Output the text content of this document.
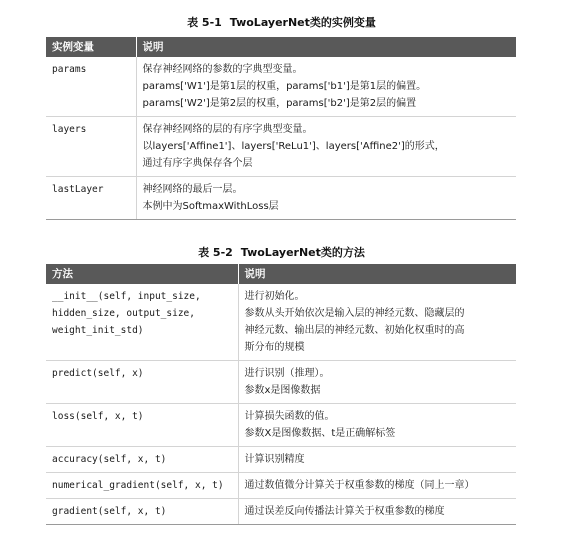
表 5-1 TwoLayerNet类的实例变量
实例变量	说明

params	保存神经网络的参数的字典型变量。
params['W1']是第1层的权重，params['b1']是第1层的偏置。
params['W2']是第2层的权重，params['b2']是第2层的偏置

layers	保存神经网络的层的有序字典型变量。
以layers['Affine1']、layers['ReLu1']、layers['Affine2']的形式，
通过有序字典保存各个层

lastLayer	神经网络的最后一层。
本例中为SoftmaxWithLoss层
表 5-2 TwoLayerNet类的方法
方法	说明

__init__(self, input_size,
hidden_size, output_size,
weight_init_std)	进行初始化。
参数从头开始依次是输入层的神经元数、隐藏层的
神经元数、输出层的神经元数、初始化权重时的高
斯分布的规模

predict(self, x)	进行识别（推理）。
参数x是图像数据

loss(self, x, t)	计算损失函数的值。
参数X是图像数据、t是正确解标签

accuracy(self, x, t)	计算识别精度

numerical_gradient(self, x, t)	通过数值微分计算关于权重参数的梯度（同上一章）

gradient(self, x, t)	通过误差反向传播法计算关于权重参数的梯度
